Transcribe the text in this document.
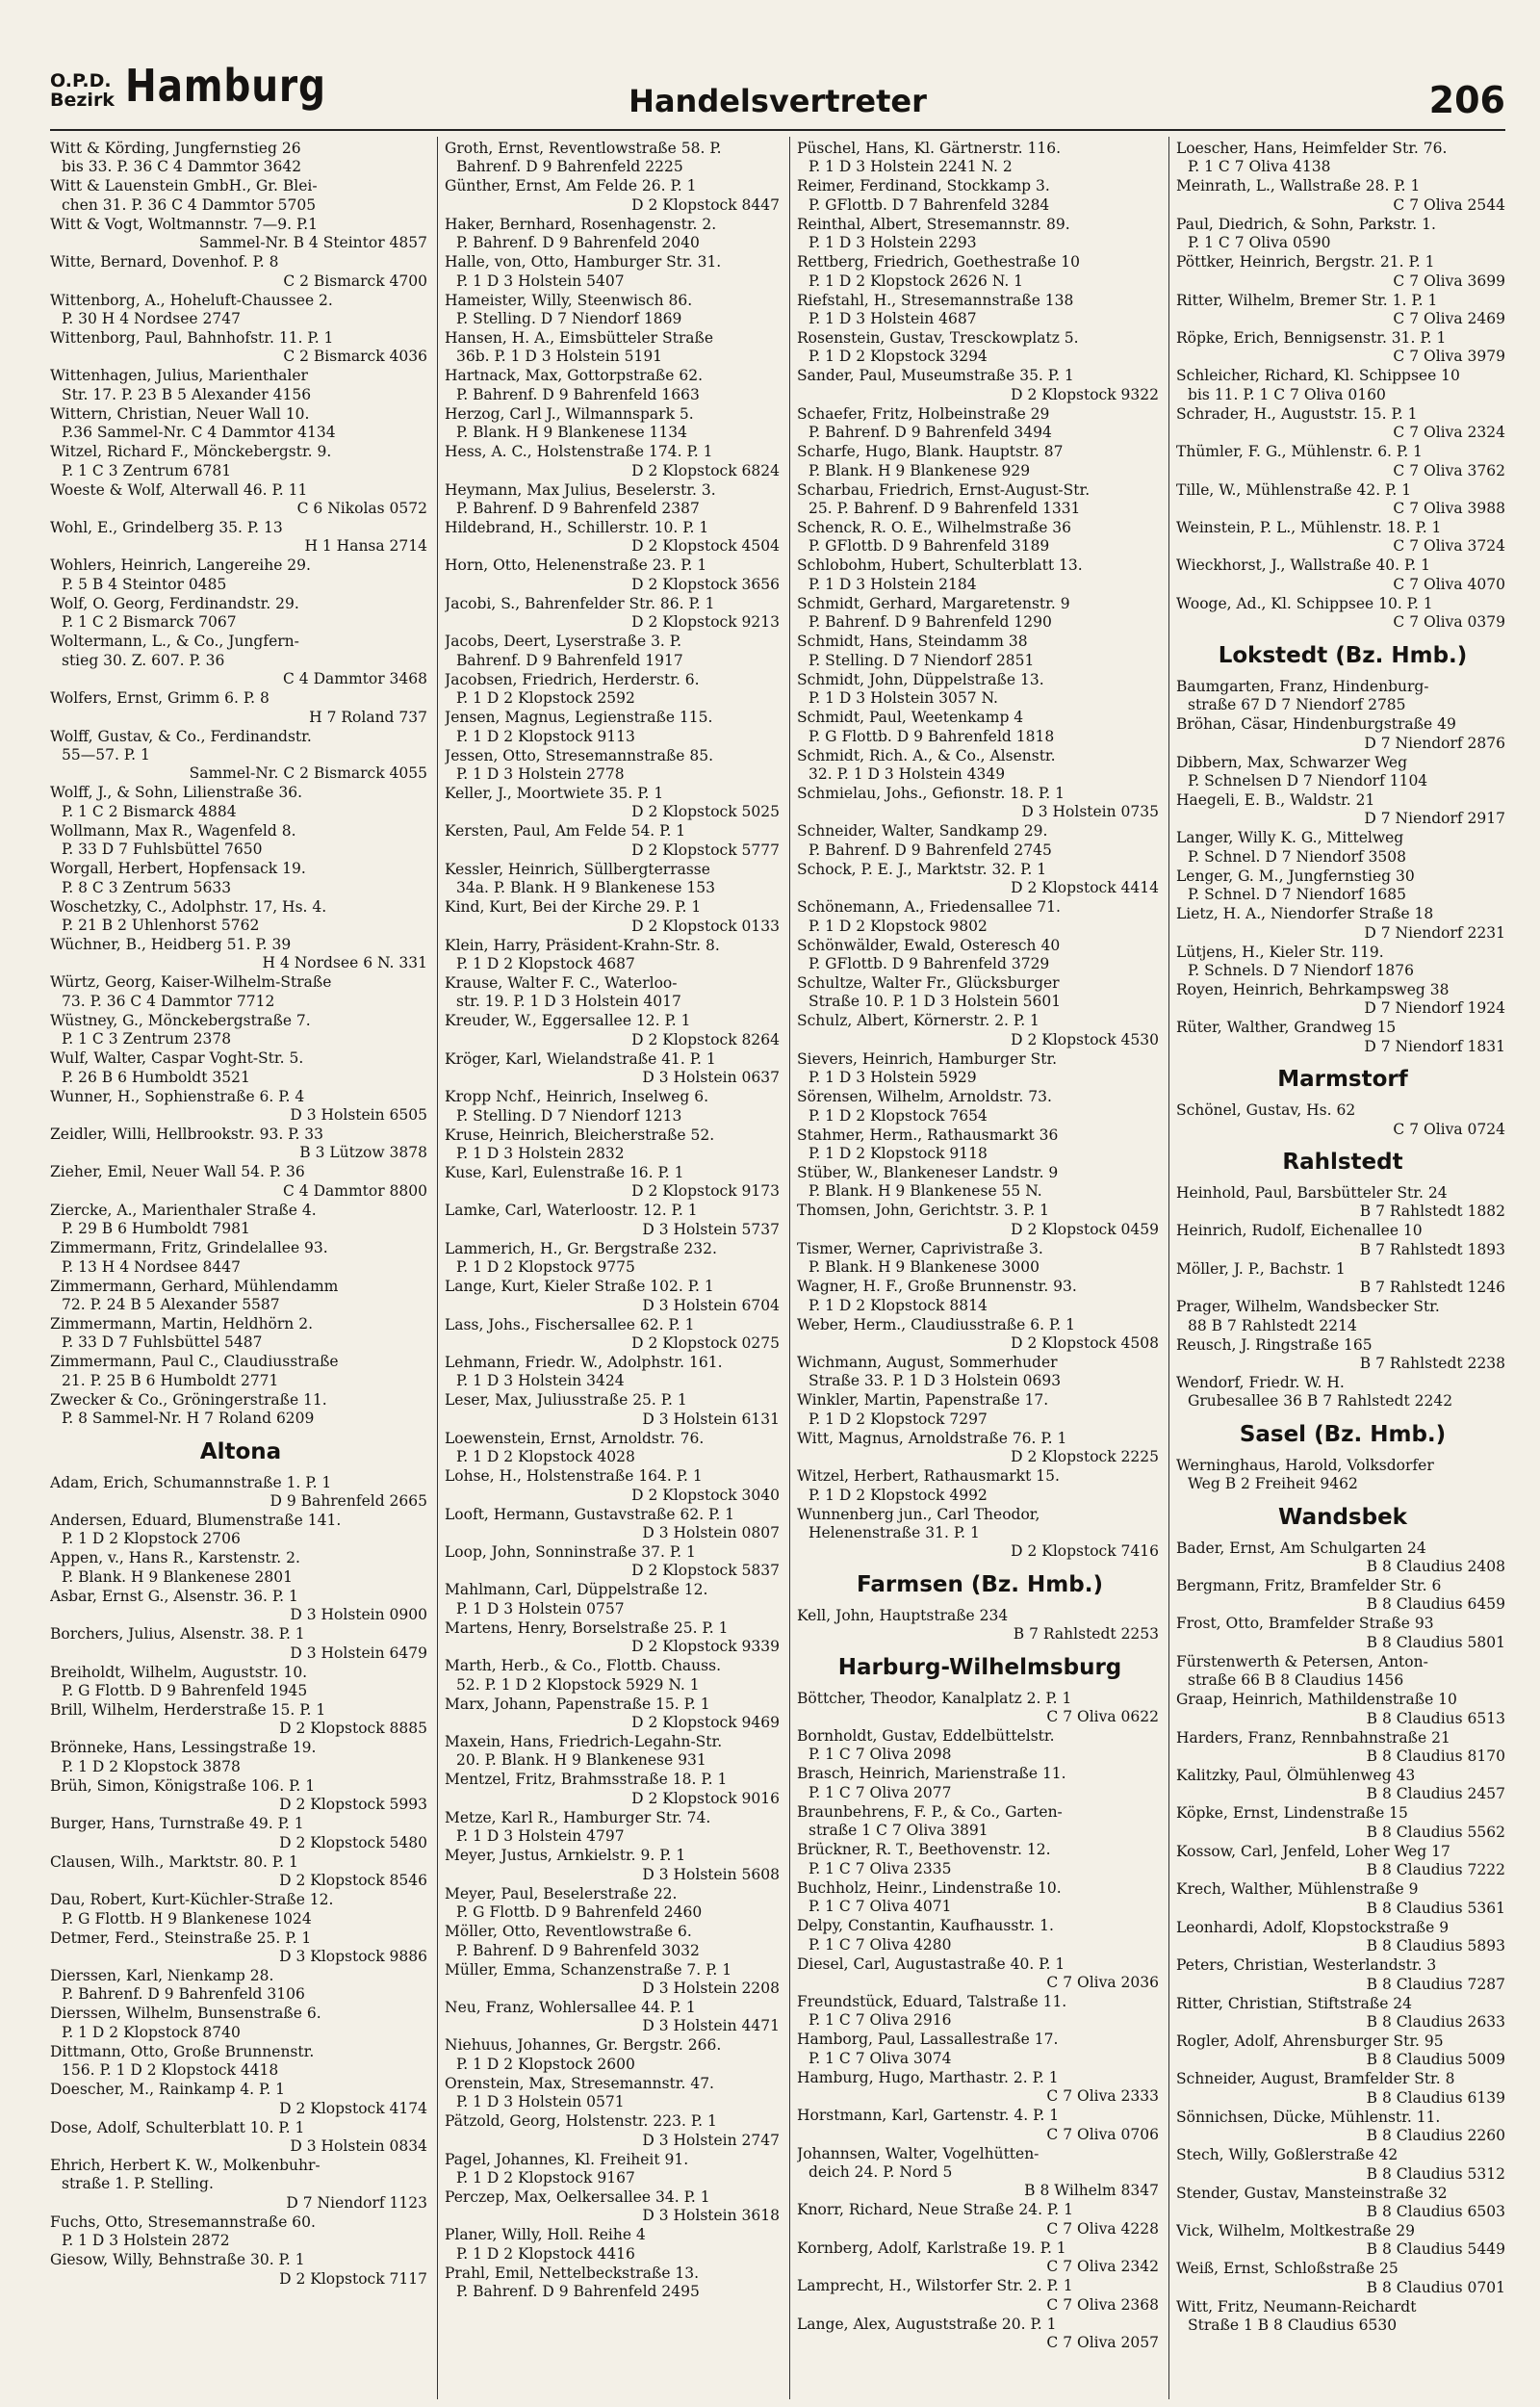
O.P.D.
Bezirk Hamburg	Handelsvertreter	206
Witt & Körding, Jungfernstieg 26
bis 33. P. 36 C 4 Dammtor 3642
Witt & Lauenstein GmbH., Gr. Blei-
chen 31. P. 36 C 4 Dammtor 5705
Witt & Vogt, Woltmannstr. 7—9. P.1
Sammel-Nr. B 4 Steintor 4857
Witte, Bernard, Dovenhof. P. 8
C 2 Bismarck 4700
Wittenborg, A., Hoheluft-Chaussee 2.
P. 30 H 4 Nordsee 2747
Wittenborg, Paul, Bahnhofstr. 11. P. 1
C 2 Bismarck 4036
Wittenhagen, Julius, Marienthaler
Str. 17. P. 23 B 5 Alexander 4156
Wittern, Christian, Neuer Wall 10.
P.36 Sammel-Nr. C 4 Dammtor 4134
Witzel, Richard F., Mönckebergstr. 9.
P. 1 C 3 Zentrum 6781
Woeste & Wolf, Alterwall 46. P. 11
C 6 Nikolas 0572
Wohl, E., Grindelberg 35. P. 13
H 1 Hansa 2714
Wohlers, Heinrich, Langereihe 29.
P. 5 B 4 Steintor 0485
Wolf, O. Georg, Ferdinandstr. 29.
P. 1 C 2 Bismarck 7067
Woltermann, L., & Co., Jungfern-
stieg 30. Z. 607. P. 36
C 4 Dammtor 3468
Wolfers, Ernst, Grimm 6. P. 8
H 7 Roland 737
Wolff, Gustav, & Co., Ferdinandstr.
55—57. P. 1
Sammel-Nr. C 2 Bismarck 4055
Wolff, J., & Sohn, Lilienstraße 36.
P. 1 C 2 Bismarck 4884
Wollmann, Max R., Wagenfeld 8.
P. 33 D 7 Fuhlsbüttel 7650
Worgall, Herbert, Hopfensack 19.
P. 8 C 3 Zentrum 5633
Woschetzky, C., Adolphstr. 17, Hs. 4.
P. 21 B 2 Uhlenhorst 5762
Wüchner, B., Heidberg 51. P. 39
H 4 Nordsee 6 N. 331
Würtz, Georg, Kaiser-Wilhelm-Straße
73. P. 36 C 4 Dammtor 7712
Wüstney, G., Mönckebergstraße 7.
P. 1 C 3 Zentrum 2378
Wulf, Walter, Caspar Voght-Str. 5.
P. 26 B 6 Humboldt 3521
Wunner, H., Sophienstraße 6. P. 4
D 3 Holstein 6505
Zeidler, Willi, Hellbrookstr. 93. P. 33
B 3 Lützow 3878
Zieher, Emil, Neuer Wall 54. P. 36
C 4 Dammtor 8800
Ziercke, A., Marienthaler Straße 4.
P. 29 B 6 Humboldt 7981
Zimmermann, Fritz, Grindelallee 93.
P. 13 H 4 Nordsee 8447
Zimmermann, Gerhard, Mühlendamm
72. P. 24 B 5 Alexander 5587
Zimmermann, Martin, Heldhörn 2.
P. 33 D 7 Fuhlsbüttel 5487
Zimmermann, Paul C., Claudiusstraße
21. P. 25 B 6 Humboldt 2771
Zwecker & Co., Gröningerstraße 11.
P. 8 Sammel-Nr. H 7 Roland 6209
Altona
Adam, Erich, Schumannstraße 1. P. 1
D 9 Bahrenfeld 2665
Andersen, Eduard, Blumenstraße 141.
P. 1 D 2 Klopstock 2706
Appen, v., Hans R., Karstenstr. 2.
P. Blank. H 9 Blankenese 2801
Asbar, Ernst G., Alsenstr. 36. P. 1
D 3 Holstein 0900
Borchers, Julius, Alsenstr. 38. P. 1
D 3 Holstein 6479
Breiholdt, Wilhelm, Auguststr. 10.
P. G Flottb. D 9 Bahrenfeld 1945
Brill, Wilhelm, Herderstraße 15. P. 1
D 2 Klopstock 8885
Brönneke, Hans, Lessingstraße 19.
P. 1 D 2 Klopstock 3878
Brüh, Simon, Königstraße 106. P. 1
D 2 Klopstock 5993
Burger, Hans, Turnstraße 49. P. 1
D 2 Klopstock 5480
Clausen, Wilh., Marktstr. 80. P. 1
D 2 Klopstock 8546
Dau, Robert, Kurt-Küchler-Straße 12.
P. G Flottb. H 9 Blankenese 1024
Detmer, Ferd., Steinstraße 25. P. 1
D 3 Klopstock 9886
Dierssen, Karl, Nienkamp 28.
P. Bahrenf. D 9 Bahrenfeld 3106
Dierssen, Wilhelm, Bunsenstraße 6.
P. 1 D 2 Klopstock 8740
Dittmann, Otto, Große Brunnenstr.
156. P. 1 D 2 Klopstock 4418
Doescher, M., Rainkamp 4. P. 1
D 2 Klopstock 4174
Dose, Adolf, Schulterblatt 10. P. 1
D 3 Holstein 0834
Ehrich, Herbert K. W., Molkenbuhr-
straße 1. P. Stelling.
D 7 Niendorf 1123
Fuchs, Otto, Stresemannstraße 60.
P. 1 D 3 Holstein 2872
Giesow, Willy, Behnstraße 30. P. 1
D 2 Klopstock 7117
Groth, Ernst, Reventlowstraße 58. P.
Bahrenf. D 9 Bahrenfeld 2225
Günther, Ernst, Am Felde 26. P. 1
D 2 Klopstock 8447
Haker, Bernhard, Rosenhagenstr. 2.
P. Bahrenf. D 9 Bahrenfeld 2040
Halle, von, Otto, Hamburger Str. 31.
P. 1 D 3 Holstein 5407
Hameister, Willy, Steenwisch 86.
P. Stelling. D 7 Niendorf 1869
Hansen, H. A., Eimsbütteler Straße
36b. P. 1 D 3 Holstein 5191
Hartnack, Max, Gottorpstraße 62.
P. Bahrenf. D 9 Bahrenfeld 1663
Herzog, Carl J., Wilmannspark 5.
P. Blank. H 9 Blankenese 1134
Hess, A. C., Holstenstraße 174. P. 1
D 2 Klopstock 6824
Heymann, Max Julius, Beselerstr. 3.
P. Bahrenf. D 9 Bahrenfeld 2387
Hildebrand, H., Schillerstr. 10. P. 1
D 2 Klopstock 4504
Horn, Otto, Helenenstraße 23. P. 1
D 2 Klopstock 3656
Jacobi, S., Bahrenfelder Str. 86. P. 1
D 2 Klopstock 9213
Jacobs, Deert, Lyserstraße 3. P.
Bahrenf. D 9 Bahrenfeld 1917
Jacobsen, Friedrich, Herderstr. 6.
P. 1 D 2 Klopstock 2592
Jensen, Magnus, Legienstraße 115.
P. 1 D 2 Klopstock 9113
Jessen, Otto, Stresemannstraße 85.
P. 1 D 3 Holstein 2778
Keller, J., Moortwiete 35. P. 1
D 2 Klopstock 5025
Kersten, Paul, Am Felde 54. P. 1
D 2 Klopstock 5777
Kessler, Heinrich, Süllbergterrasse
34a. P. Blank. H 9 Blankenese 153
Kind, Kurt, Bei der Kirche 29. P. 1
D 2 Klopstock 0133
Klein, Harry, Präsident-Krahn-Str. 8.
P. 1 D 2 Klopstock 4687
Krause, Walter F. C., Waterloo-
str. 19. P. 1 D 3 Holstein 4017
Kreuder, W., Eggersallee 12. P. 1
D 2 Klopstock 8264
Kröger, Karl, Wielandstraße 41. P. 1
D 3 Holstein 0637
Kropp Nchf., Heinrich, Inselweg 6.
P. Stelling. D 7 Niendorf 1213
Kruse, Heinrich, Bleicherstraße 52.
P. 1 D 3 Holstein 2832
Kuse, Karl, Eulenstraße 16. P. 1
D 2 Klopstock 9173
Lamke, Carl, Waterloostr. 12. P. 1
D 3 Holstein 5737
Lammerich, H., Gr. Bergstraße 232.
P. 1 D 2 Klopstock 9775
Lange, Kurt, Kieler Straße 102. P. 1
D 3 Holstein 6704
Lass, Johs., Fischersallee 62. P. 1
D 2 Klopstock 0275
Lehmann, Friedr. W., Adolphstr. 161.
P. 1 D 3 Holstein 3424
Leser, Max, Juliusstraße 25. P. 1
D 3 Holstein 6131
Loewenstein, Ernst, Arnoldstr. 76.
P. 1 D 2 Klopstock 4028
Lohse, H., Holstenstraße 164. P. 1
D 2 Klopstock 3040
Looft, Hermann, Gustavstraße 62. P. 1
D 3 Holstein 0807
Loop, John, Sonninstraße 37. P. 1
D 2 Klopstock 5837
Mahlmann, Carl, Düppelstraße 12.
P. 1 D 3 Holstein 0757
Martens, Henry, Borselstraße 25. P. 1
D 2 Klopstock 9339
Marth, Herb., & Co., Flottb. Chauss.
52. P. 1 D 2 Klopstock 5929 N. 1
Marx, Johann, Papenstraße 15. P. 1
D 2 Klopstock 9469
Maxein, Hans, Friedrich-Legahn-Str.
20. P. Blank. H 9 Blankenese 931
Mentzel, Fritz, Brahmsstraße 18. P. 1
D 2 Klopstock 9016
Metze, Karl R., Hamburger Str. 74.
P. 1 D 3 Holstein 4797
Meyer, Justus, Arnkielstr. 9. P. 1
D 3 Holstein 5608
Meyer, Paul, Beselerstraße 22.
P. G Flottb. D 9 Bahrenfeld 2460
Möller, Otto, Reventlowstraße 6.
P. Bahrenf. D 9 Bahrenfeld 3032
Müller, Emma, Schanzenstraße 7. P. 1
D 3 Holstein 2208
Neu, Franz, Wohlersallee 44. P. 1
D 3 Holstein 4471
Niehuus, Johannes, Gr. Bergstr. 266.
P. 1 D 2 Klopstock 2600
Orenstein, Max, Stresemannstr. 47.
P. 1 D 3 Holstein 0571
Pätzold, Georg, Holstenstr. 223. P. 1
D 3 Holstein 2747
Pagel, Johannes, Kl. Freiheit 91.
P. 1 D 2 Klopstock 9167
Perczep, Max, Oelkersallee 34. P. 1
D 3 Holstein 3618
Planer, Willy, Holl. Reihe 4
P. 1 D 2 Klopstock 4416
Prahl, Emil, Nettelbeckstraße 13.
P. Bahrenf. D 9 Bahrenfeld 2495
Püschel, Hans, Kl. Gärtnerstr. 116.
P. 1 D 3 Holstein 2241 N. 2
Reimer, Ferdinand, Stockkamp 3.
P. GFlottb. D 7 Bahrenfeld 3284
Reinthal, Albert, Stresemannstr. 89.
P. 1 D 3 Holstein 2293
Rettberg, Friedrich, Goethestraße 10
P. 1 D 2 Klopstock 2626 N. 1
Riefstahl, H., Stresemannstraße 138
P. 1 D 3 Holstein 4687
Rosenstein, Gustav, Tresckowplatz 5.
P. 1 D 2 Klopstock 3294
Sander, Paul, Museumstraße 35. P. 1
D 2 Klopstock 9322
Schaefer, Fritz, Holbeinstraße 29
P. Bahrenf. D 9 Bahrenfeld 3494
Scharfe, Hugo, Blank. Hauptstr. 87
P. Blank. H 9 Blankenese 929
Scharbau, Friedrich, Ernst-August-Str.
25. P. Bahrenf. D 9 Bahrenfeld 1331
Schenck, R. O. E., Wilhelmstraße 36
P. GFlottb. D 9 Bahrenfeld 3189
Schlobohm, Hubert, Schulterblatt 13.
P. 1 D 3 Holstein 2184
Schmidt, Gerhard, Margaretenstr. 9
P. Bahrenf. D 9 Bahrenfeld 1290
Schmidt, Hans, Steindamm 38
P. Stelling. D 7 Niendorf 2851
Schmidt, John, Düppelstraße 13.
P. 1 D 3 Holstein 3057 N.
Schmidt, Paul, Weetenkamp 4
P. G Flottb. D 9 Bahrenfeld 1818
Schmidt, Rich. A., & Co., Alsenstr.
32. P. 1 D 3 Holstein 4349
Schmielau, Johs., Gefionstr. 18. P. 1
D 3 Holstein 0735
Schneider, Walter, Sandkamp 29.
P. Bahrenf. D 9 Bahrenfeld 2745
Schock, P. E. J., Marktstr. 32. P. 1
D 2 Klopstock 4414
Schönemann, A., Friedensallee 71.
P. 1 D 2 Klopstock 9802
Schönwälder, Ewald, Osteresch 40
P. GFlottb. D 9 Bahrenfeld 3729
Schultze, Walter Fr., Glücksburger
Straße 10. P. 1 D 3 Holstein 5601
Schulz, Albert, Körnerstr. 2. P. 1
D 2 Klopstock 4530
Sievers, Heinrich, Hamburger Str.
P. 1 D 3 Holstein 5929
Sörensen, Wilhelm, Arnoldstr. 73.
P. 1 D 2 Klopstock 7654
Stahmer, Herm., Rathausmarkt 36
P. 1 D 2 Klopstock 9118
Stüber, W., Blankeneser Landstr. 9
P. Blank. H 9 Blankenese 55 N.
Thomsen, John, Gerichtstr. 3. P. 1
D 2 Klopstock 0459
Tismer, Werner, Caprivistraße 3.
P. Blank. H 9 Blankenese 3000
Wagner, H. F., Große Brunnenstr. 93.
P. 1 D 2 Klopstock 8814
Weber, Herm., Claudiusstraße 6. P. 1
D 2 Klopstock 4508
Wichmann, August, Sommerhuder
Straße 33. P. 1 D 3 Holstein 0693
Winkler, Martin, Papenstraße 17.
P. 1 D 2 Klopstock 7297
Witt, Magnus, Arnoldstraße 76. P. 1
D 2 Klopstock 2225
Witzel, Herbert, Rathausmarkt 15.
P. 1 D 2 Klopstock 4992
Wunnenberg jun., Carl Theodor,
Helenenstraße 31. P. 1
D 2 Klopstock 7416
Farmsen (Bz. Hmb.)
Kell, John, Hauptstraße 234
B 7 Rahlstedt 2253
Harburg-Wilhelmsburg
Böttcher, Theodor, Kanalplatz 2. P. 1
C 7 Oliva 0622
Bornholdt, Gustav, Eddelbüttelstr.
P. 1 C 7 Oliva 2098
Brasch, Heinrich, Marienstraße 11.
P. 1 C 7 Oliva 2077
Braunbehrens, F. P., & Co., Garten-
straße 1 C 7 Oliva 3891
Brückner, R. T., Beethovenstr. 12.
P. 1 C 7 Oliva 2335
Buchholz, Heinr., Lindenstraße 10.
P. 1 C 7 Oliva 4071
Delpy, Constantin, Kaufhausstr. 1.
P. 1 C 7 Oliva 4280
Diesel, Carl, Augustastraße 40. P. 1
C 7 Oliva 2036
Freundstück, Eduard, Talstraße 11.
P. 1 C 7 Oliva 2916
Hamborg, Paul, Lassallestraße 17.
P. 1 C 7 Oliva 3074
Hamburg, Hugo, Marthastr. 2. P. 1
C 7 Oliva 2333
Horstmann, Karl, Gartenstr. 4. P. 1
C 7 Oliva 0706
Johannsen, Walter, Vogelhütten-
deich 24. P. Nord 5
B 8 Wilhelm 8347
Knorr, Richard, Neue Straße 24. P. 1
C 7 Oliva 4228
Kornberg, Adolf, Karlstraße 19. P. 1
C 7 Oliva 2342
Lamprecht, H., Wilstorfer Str. 2. P. 1
C 7 Oliva 2368
Lange, Alex, Auguststraße 20. P. 1
C 7 Oliva 2057
Loescher, Hans, Heimfelder Str. 76.
P. 1 C 7 Oliva 4138
Meinrath, L., Wallstraße 28. P. 1
C 7 Oliva 2544
Paul, Diedrich, & Sohn, Parkstr. 1.
P. 1 C 7 Oliva 0590
Pöttker, Heinrich, Bergstr. 21. P. 1
C 7 Oliva 3699
Ritter, Wilhelm, Bremer Str. 1. P. 1
C 7 Oliva 2469
Röpke, Erich, Bennigsenstr. 31. P. 1
C 7 Oliva 3979
Schleicher, Richard, Kl. Schippsee 10
bis 11. P. 1 C 7 Oliva 0160
Schrader, H., Auguststr. 15. P. 1
C 7 Oliva 2324
Thümler, F. G., Mühlenstr. 6. P. 1
C 7 Oliva 3762
Tille, W., Mühlenstraße 42. P. 1
C 7 Oliva 3988
Weinstein, P. L., Mühlenstr. 18. P. 1
C 7 Oliva 3724
Wieckhorst, J., Wallstraße 40. P. 1
C 7 Oliva 4070
Wooge, Ad., Kl. Schippsee 10. P. 1
C 7 Oliva 0379
Lokstedt (Bz. Hmb.)
Baumgarten, Franz, Hindenburg-
straße 67 D 7 Niendorf 2785
Bröhan, Cäsar, Hindenburgstraße 49
D 7 Niendorf 2876
Dibbern, Max, Schwarzer Weg
P. Schnelsen D 7 Niendorf 1104
Haegeli, E. B., Waldstr. 21
D 7 Niendorf 2917
Langer, Willy K. G., Mittelweg
P. Schnel. D 7 Niendorf 3508
Lenger, G. M., Jungfernstieg 30
P. Schnel. D 7 Niendorf 1685
Lietz, H. A., Niendorfer Straße 18
D 7 Niendorf 2231
Lütjens, H., Kieler Str. 119.
P. Schnels. D 7 Niendorf 1876
Royen, Heinrich, Behrkampsweg 38
D 7 Niendorf 1924
Rüter, Walther, Grandweg 15
D 7 Niendorf 1831
Marmstorf
Schönel, Gustav, Hs. 62
C 7 Oliva 0724
Rahlstedt
Heinhold, Paul, Barsbütteler Str. 24
B 7 Rahlstedt 1882
Heinrich, Rudolf, Eichenallee 10
B 7 Rahlstedt 1893
Möller, J. P., Bachstr. 1
B 7 Rahlstedt 1246
Prager, Wilhelm, Wandsbecker Str.
88 B 7 Rahlstedt 2214
Reusch, J. Ringstraße 165
B 7 Rahlstedt 2238
Wendorf, Friedr. W. H.
Grubesallee 36 B 7 Rahlstedt 2242
Sasel (Bz. Hmb.)
Werninghaus, Harold, Volksdorfer
Weg B 2 Freiheit 9462
Wandsbek
Bader, Ernst, Am Schulgarten 24
B 8 Claudius 2408
Bergmann, Fritz, Bramfelder Str. 6
B 8 Claudius 6459
Frost, Otto, Bramfelder Straße 93
B 8 Claudius 5801
Fürstenwerth & Petersen, Anton-
straße 66 B 8 Claudius 1456
Graap, Heinrich, Mathildenstraße 10
B 8 Claudius 6513
Harders, Franz, Rennbahnstraße 21
B 8 Claudius 8170
Kalitzky, Paul, Ölmühlenweg 43
B 8 Claudius 2457
Köpke, Ernst, Lindenstraße 15
B 8 Claudius 5562
Kossow, Carl, Jenfeld, Loher Weg 17
B 8 Claudius 7222
Krech, Walther, Mühlenstraße 9
B 8 Claudius 5361
Leonhardi, Adolf, Klopstockstraße 9
B 8 Claudius 5893
Peters, Christian, Westerlandstr. 3
B 8 Claudius 7287
Ritter, Christian, Stiftstraße 24
B 8 Claudius 2633
Rogler, Adolf, Ahrensburger Str. 95
B 8 Claudius 5009
Schneider, August, Bramfelder Str. 8
B 8 Claudius 6139
Sönnichsen, Dücke, Mühlenstr. 11.
B 8 Claudius 2260
Stech, Willy, Goßlerstraße 42
B 8 Claudius 5312
Stender, Gustav, Mansteinstraße 32
B 8 Claudius 6503
Vick, Wilhelm, Moltkestraße 29
B 8 Claudius 5449
Weiß, Ernst, Schloßstraße 25
B 8 Claudius 0701
Witt, Fritz, Neumann-Reichardt
Straße 1 B 8 Claudius 6530
